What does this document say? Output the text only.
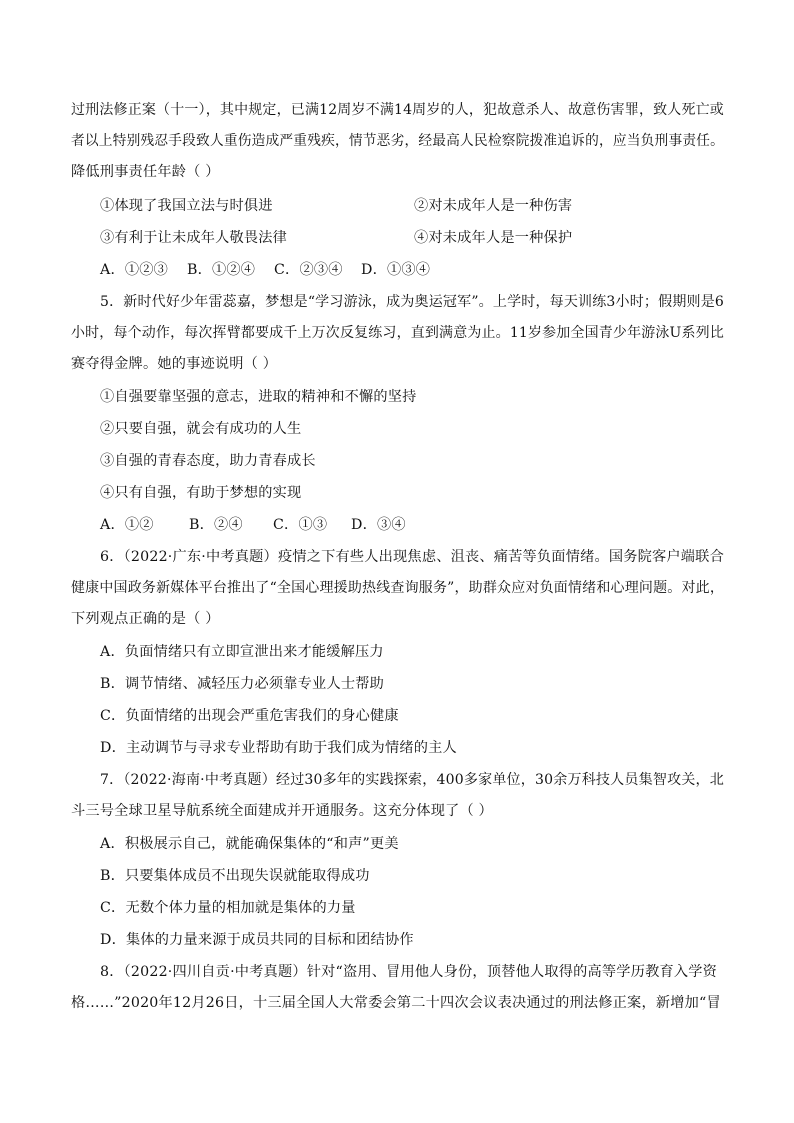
过刑法修正案（十一），其中规定，已满12周岁不满14周岁的人，犯故意杀人、故意伤害罪，致人死亡或
者以上特别残忍手段致人重伤造成严重残疾，情节恶劣，经最高人民检察院拨准追诉的，应当负刑事责任。
降低刑事责任年龄（ ）
①体现了我国立法与时俱进	②对未成年人是一种伤害
③有利于让未成年人敬畏法律	④对未成年人是一种保护
A．①②③ B．①②④ C．②③④ D．①③④
5．新时代好少年雷蕊嘉，梦想是“学习游泳，成为奥运冠军”。上学时，每天训练3小时；假期则是6
小时，每个动作，每次挥臂都要成千上万次反复练习，直到满意为止。11岁参加全国青少年游泳U系列比
赛夺得金牌。她的事迹说明（ ）
①自强要靠坚强的意志，进取的精神和不懈的坚持
②只要自强，就会有成功的人生
③自强的青春态度，助力青春成长
④只有自强，有助于梦想的实现
A．①② B．②④ C．①③ D．③④
6．（2022·广东·中考真题）疫情之下有些人出现焦虑、沮丧、痛苦等负面情绪。国务院客户端联合
健康中国政务新媒体平台推出了“全国心理援助热线查询服务”，助群众应对负面情绪和心理问题。对此，
下列观点正确的是（ ）
A．负面情绪只有立即宣泄出来才能缓解压力
B．调节情绪、减轻压力必须靠专业人士帮助
C．负面情绪的出现会严重危害我们的身心健康
D．主动调节与寻求专业帮助有助于我们成为情绪的主人
7．（2022·海南·中考真题）经过30多年的实践探索，400多家单位，30余万科技人员集智攻关，北
斗三号全球卫星导航系统全面建成并开通服务。这充分体现了（ ）
A．积极展示自己，就能确保集体的“和声”更美
B．只要集体成员不出现失误就能取得成功
C．无数个体力量的相加就是集体的力量
D．集体的力量来源于成员共同的目标和团结协作
8．（2022·四川自贡·中考真题）针对“盗用、冒用他人身份，顶替他人取得的高等学历教育入学资
格……”2020年12月26日，十三届全国人大常委会第二十四次会议表决通过的刑法修正案，新增加“冒
